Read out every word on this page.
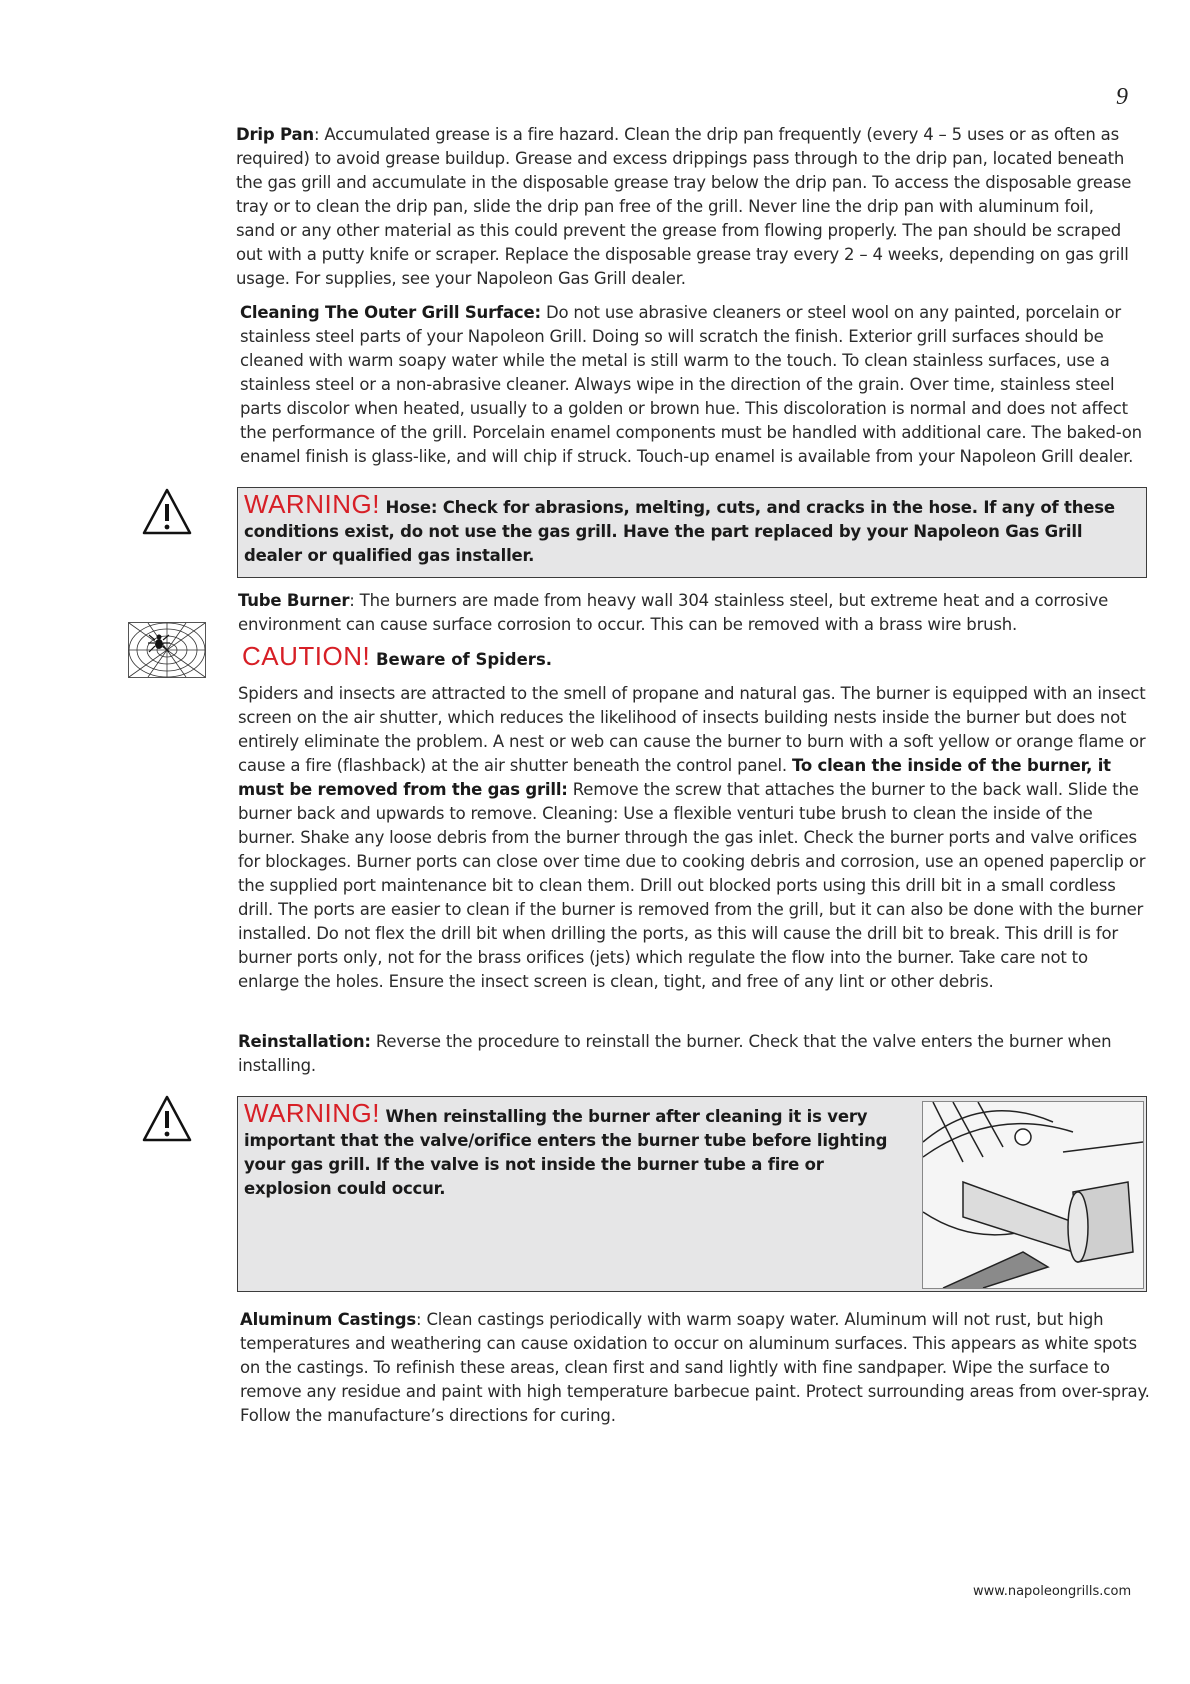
9

Drip Pan: Accumulated grease is a fire hazard. Clean the drip pan frequently (every 4 – 5 uses or as often as required) to avoid grease buildup. Grease and excess drippings pass through to the drip pan, located beneath the gas grill and accumulate in the disposable grease tray below the drip pan. To access the disposable grease tray or to clean the drip pan, slide the drip pan free of the grill. Never line the drip pan with aluminum foil, sand or any other material as this could prevent the grease from flowing properly. The pan should be scraped out with a putty knife or scraper. Replace the disposable grease tray every 2 – 4 weeks, depending on gas grill usage. For supplies, see your Napoleon Gas Grill dealer.

Cleaning The Outer Grill Surface: Do not use abrasive cleaners or steel wool on any painted, porcelain or stainless steel parts of your Napoleon Grill. Doing so will scratch the finish. Exterior grill surfaces should be cleaned with warm soapy water while the metal is still warm to the touch. To clean stainless surfaces, use a stainless steel or a non-abrasive cleaner. Always wipe in the direction of the grain. Over time, stainless steel parts discolor when heated, usually to a golden or brown hue. This discoloration is normal and does not affect the performance of the grill. Porcelain enamel components must be handled with additional care. The baked-on enamel finish is glass-like, and will chip if struck. Touch-up enamel is available from your Napoleon Grill dealer.

WARNING! Hose: Check for abrasions, melting, cuts, and cracks in the hose. If any of these conditions exist, do not use the gas grill. Have the part replaced by your Napoleon Gas Grill dealer or qualified gas installer.

Tube Burner: The burners are made from heavy wall 304 stainless steel, but extreme heat and a corrosive environment can cause surface corrosion to occur. This can be removed with a brass wire brush.

CAUTION! Beware of Spiders.

Spiders and insects are attracted to the smell of propane and natural gas. The burner is equipped with an insect screen on the air shutter, which reduces the likelihood of insects building nests inside the burner but does not entirely eliminate the problem. A nest or web can cause the burner to burn with a soft yellow or orange flame or cause a fire (flashback) at the air shutter beneath the control panel. To clean the inside of the burner, it must be removed from the gas grill: Remove the screw that attaches the burner to the back wall. Slide the burner back and upwards to remove. Cleaning: Use a flexible venturi tube brush to clean the inside of the burner. Shake any loose debris from the burner through the gas inlet. Check the burner ports and valve orifices for blockages. Burner ports can close over time due to cooking debris and corrosion, use an opened paperclip or the supplied port maintenance bit to clean them. Drill out blocked ports using this drill bit in a small cordless drill. The ports are easier to clean if the burner is removed from the grill, but it can also be done with the burner installed. Do not flex the drill bit when drilling the ports, as this will cause the drill bit to break. This drill is for burner ports only, not for the brass orifices (jets) which regulate the flow into the burner. Take care not to enlarge the holes. Ensure the insect screen is clean, tight, and free of any lint or other debris.

Reinstallation: Reverse the procedure to reinstall the burner. Check that the valve enters the burner when installing.

WARNING! When reinstalling the burner after cleaning it is very important that the valve/orifice enters the burner tube before lighting your gas grill. If the valve is not inside the burner tube a fire or explosion could occur.

Aluminum Castings: Clean castings periodically with warm soapy water. Aluminum will not rust, but high temperatures and weathering can cause oxidation to occur on aluminum surfaces. This appears as white spots on the castings. To refinish these areas, clean first and sand lightly with fine sandpaper. Wipe the surface to remove any residue and paint with high temperature barbecue paint. Protect surrounding areas from over-spray. Follow the manufacture’s directions for curing.

www.napoleongrills.com
